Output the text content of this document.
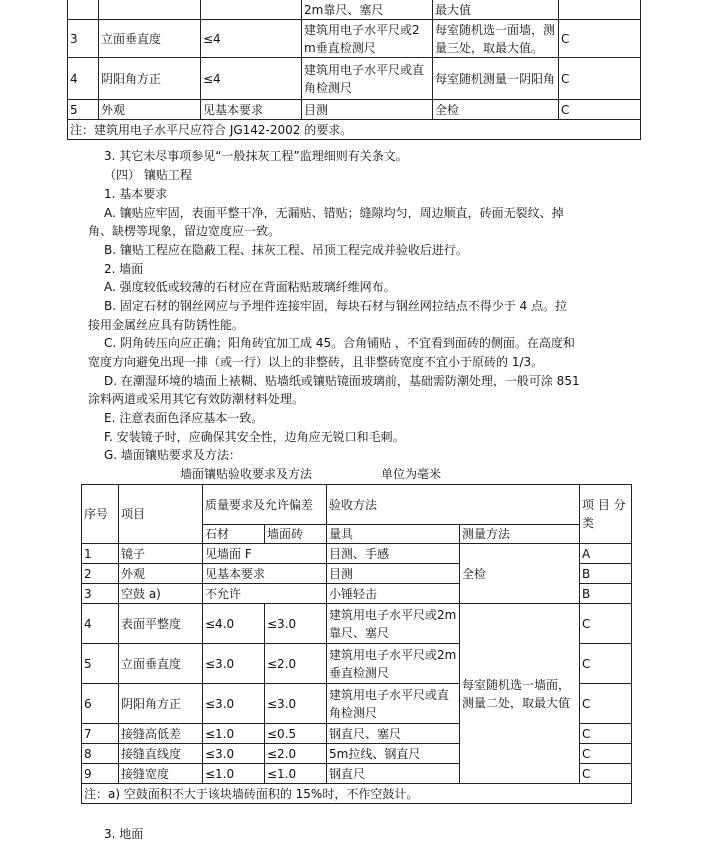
			2m靠尺、塞尺	最大值	
3	立面垂直度	≤4	建筑用电子水平尺或2m垂直检测尺	每室随机选一面墙，测量三处，取最大值。	C
4	阴阳角方正	≤4	建筑用电子水平尺或直角检测尺	每室随机测量一阴阳角	C
5	外观	见基本要求	目测	全检	C
注：建筑用电子水平尺应符合 JG142-2002 的要求。					

3. 其它未尽事项参见“一般抹灰工程”监理细则有关条文。

（四） 镶贴工程

1. 基本要求

A. 镶贴应牢固，表面平整干净，无漏贴、错贴；缝隙均匀，周边顺直，砖面无裂纹、掉

角、缺楞等现象，留边宽度应一致。

B. 镶贴工程应在隐蔽工程、抹灰工程、吊顶工程完成并验收后进行。

2. 墙面

A. 强度较低或较薄的石材应在背面粘贴玻璃纤维网布。

B. 固定石材的钢丝网应与予埋件连接牢固，每块石材与钢丝网拉结点不得少于 4 点。拉

接用金属丝应具有防锈性能。

C. 阴角砖压向应正确；阳角砖宜加工成 45。合角铺贴 ，不宜看到面砖的侧面。在高度和

宽度方向避免出现一排（或一行）以上的非整砖，且非整砖宽度不宜小于原砖的 1/3。

D. 在潮湿环境的墙面上裱糊、贴墙纸或镶贴镜面玻璃前，基础需防潮处理，一般可涂 851

涂料两道或采用其它有效防潮材料处理。

E. 注意表面色泽应基本一致。

F. 安装镜子时，应确保其安全性，边角应无锐口和毛刺。

G. 墙面镶贴要求及方法：

墙面镶贴验收要求及方法	单位为毫米
序号	项目	质量要求及允许偏差		验收方法		项 目 分类
		石材	墙面砖	量具	测量方法	
1	镜子	见墙面 F		目测、手感	全检	A
2	外观	见基本要求		目测		B
3	空鼓 a)	不允许		小锤轻击		B
4	表面平整度	≤4.0	≤3.0	建筑用电子水平尺或2m靠尺、塞尺	每室随机选一墙面，测量二处，取最大值	C
5	立面垂直度	≤3.0	≤2.0	建筑用电子水平尺或2m垂直检测尺		C
6	阴阳角方正	≤3.0	≤3.0	建筑用电子水平尺或直角检测尺		C
7	接缝高低差	≤1.0	≤0.5	钢直尺、塞尺		C
8	接缝直线度	≤3.0	≤2.0	5m拉线、钢直尺		C
9	接缝宽度	≤1.0	≤1.0	钢直尺		C
注：a) 空鼓面积不大于该块墙砖面积的 15%时，不作空鼓计。						

3. 地面
